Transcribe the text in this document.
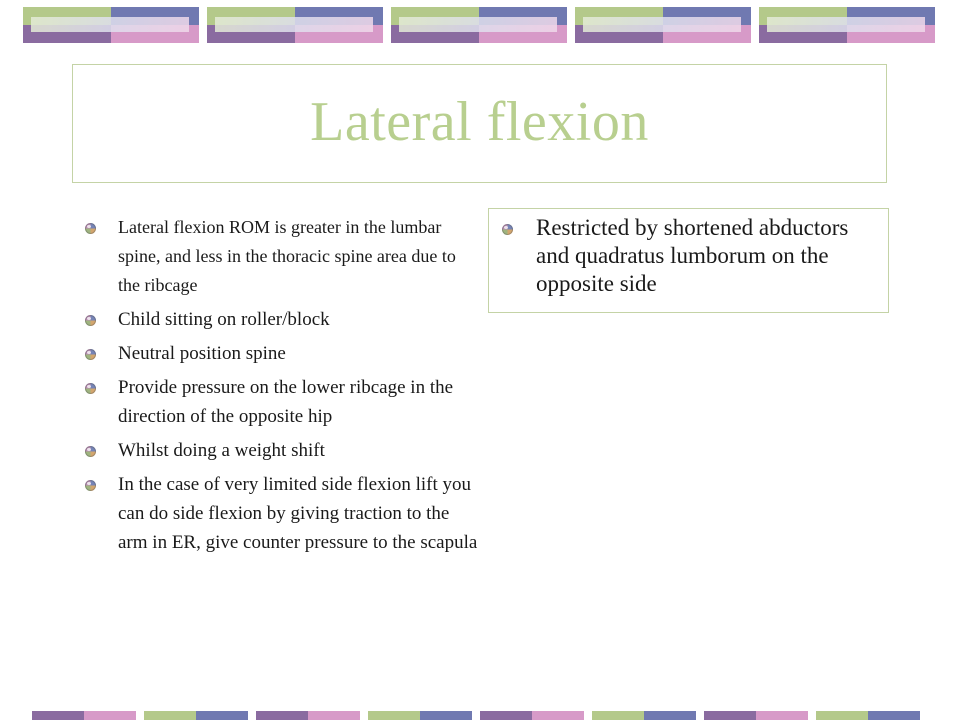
Lateral flexion
Lateral flexion ROM is greater in the lumbar spine, and less in the thoracic spine area due to the ribcage
Child sitting on roller/block
Neutral position spine
Provide pressure on the lower ribcage in the direction of the opposite hip
Whilst doing a weight shift
In the case of very limited side flexion lift you can do side flexion by giving traction to the arm in ER, give counter pressure to the scapula
Restricted by shortened abductors and quadratus lumborum on the opposite side
